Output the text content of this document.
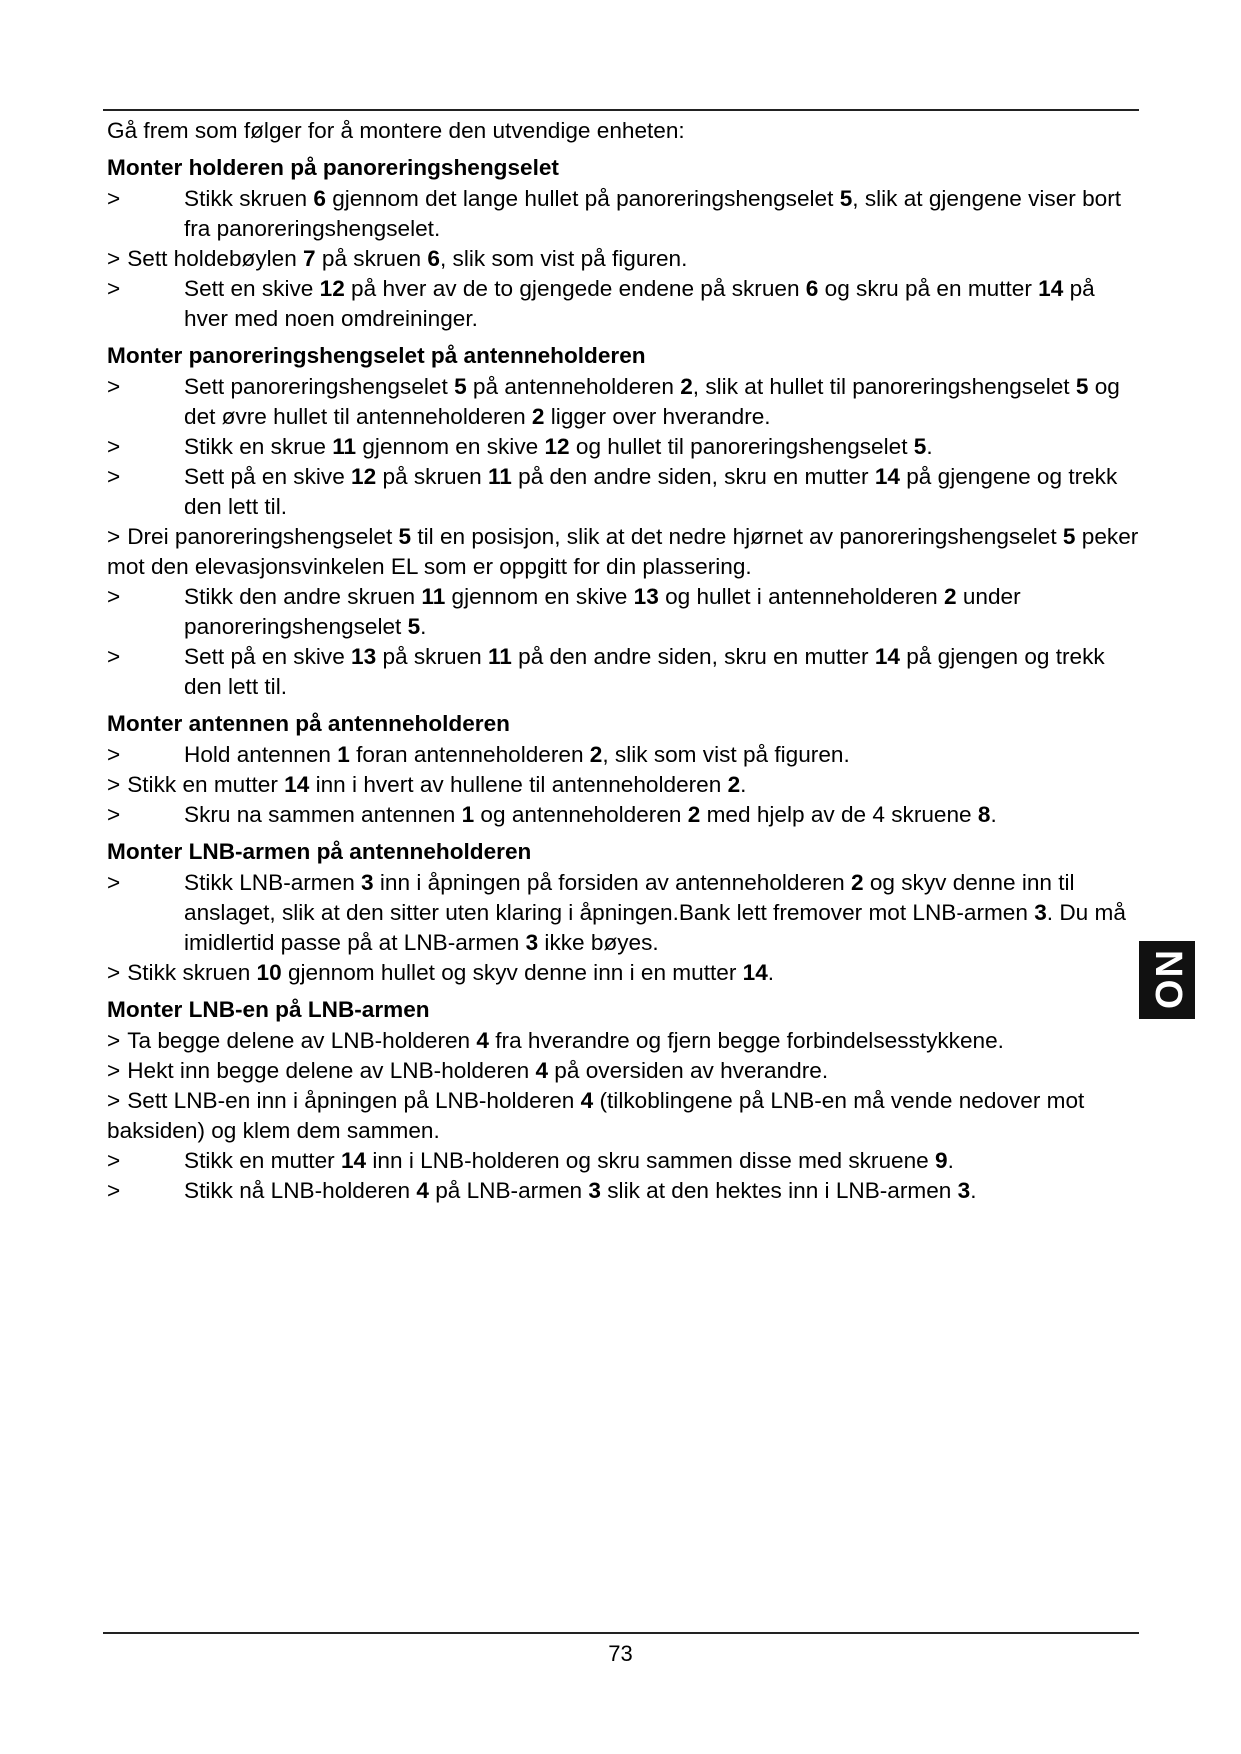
Gå frem som følger for å montere den utvendige enheten:
Monter holderen på panoreringshengselet
>	Stikk skruen 6 gjennom det lange hullet på panoreringshengselet 5, slik at gjengene viser bort fra panoreringshengselet.
> Sett holdebøylen 7 på skruen 6, slik som vist på figuren.
>	Sett en skive 12 på hver av de to gjengede endene på skruen 6 og skru på en mutter 14 på hver med noen omdreininger.
Monter panoreringshengselet på antenneholderen
>	Sett panoreringshengselet 5 på antenneholderen 2, slik at hullet til panoreringshengselet 5 og det øvre hullet til antenneholderen 2 ligger over hverandre.
>	Stikk en skrue 11 gjennom en skive 12 og hullet til panoreringshengselet 5.
>	Sett på en skive 12 på skruen 11 på den andre siden, skru en mutter 14 på gjengene og trekk den lett til.
> Drei panoreringshengselet 5 til en posisjon, slik at det nedre hjørnet av panoreringshengselet 5 peker mot den elevasjonsvinkelen EL som er oppgitt for din plassering.
>	Stikk den andre skruen 11 gjennom en skive 13 og hullet i antenneholderen 2 under panoreringshengselet 5.
>	Sett på en skive 13 på skruen 11 på den andre siden, skru en mutter 14 på gjengen og trekk den lett til.
Monter antennen på antenneholderen
>	Hold antennen 1 foran antenneholderen 2, slik som vist på figuren.
> Stikk en mutter 14 inn i hvert av hullene til antenneholderen 2.
>	Skru na sammen antennen 1 og antenneholderen 2 med hjelp av de 4 skruene 8.
Monter LNB-armen på antenneholderen
>	Stikk LNB-armen 3 inn i åpningen på forsiden av antenneholderen 2 og skyv denne inn til anslaget, slik at den sitter uten klaring i åpningen.Bank lett fremover mot LNB-armen 3. Du må imidlertid passe på at LNB-armen 3 ikke bøyes.
> Stikk skruen 10 gjennom hullet og skyv denne inn i en mutter 14.
Monter LNB-en på LNB-armen
> Ta begge delene av LNB-holderen 4 fra hverandre og fjern begge forbindelsesstykkene.
> Hekt inn begge delene av LNB-holderen 4 på oversiden av hverandre.
> Sett LNB-en inn i åpningen på LNB-holderen 4 (tilkoblingene på LNB-en må vende nedover mot baksiden) og klem dem sammen.
>	Stikk en mutter 14 inn i LNB-holderen og skru sammen disse med skruene 9.
>	Stikk nå LNB-holderen 4 på LNB-armen 3 slik at den hektes inn i LNB-armen 3.
NO
73
